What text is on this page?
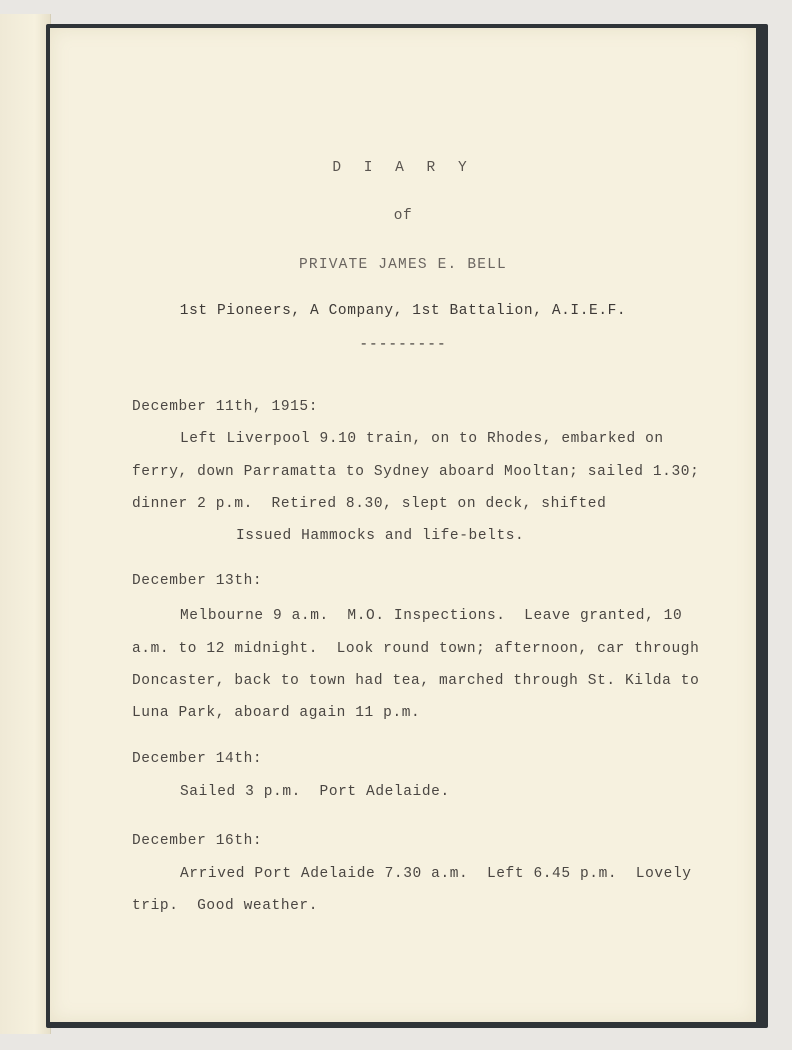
D I A R Y
of
PRIVATE JAMES E. BELL
1st Pioneers, A Company, 1st Battalion, A.I.E.F.
---------
December 11th, 1915:
Left Liverpool 9.10 train, on to Rhodes, embarked on
ferry, down Parramatta to Sydney aboard Mooltan; sailed 1.30;
dinner 2 p.m.  Retired 8.30, slept on deck, shifted
Issued Hammocks and life-belts.
December 13th:
Melbourne 9 a.m.  M.O. Inspections.  Leave granted, 10
a.m. to 12 midnight.  Look round town; afternoon, car through
Doncaster, back to town had tea, marched through St. Kilda to
Luna Park, aboard again 11 p.m.
December 14th:
Sailed 3 p.m.  Port Adelaide.
December 16th:
Arrived Port Adelaide 7.30 a.m.  Left 6.45 p.m.  Lovely
trip.  Good weather.
